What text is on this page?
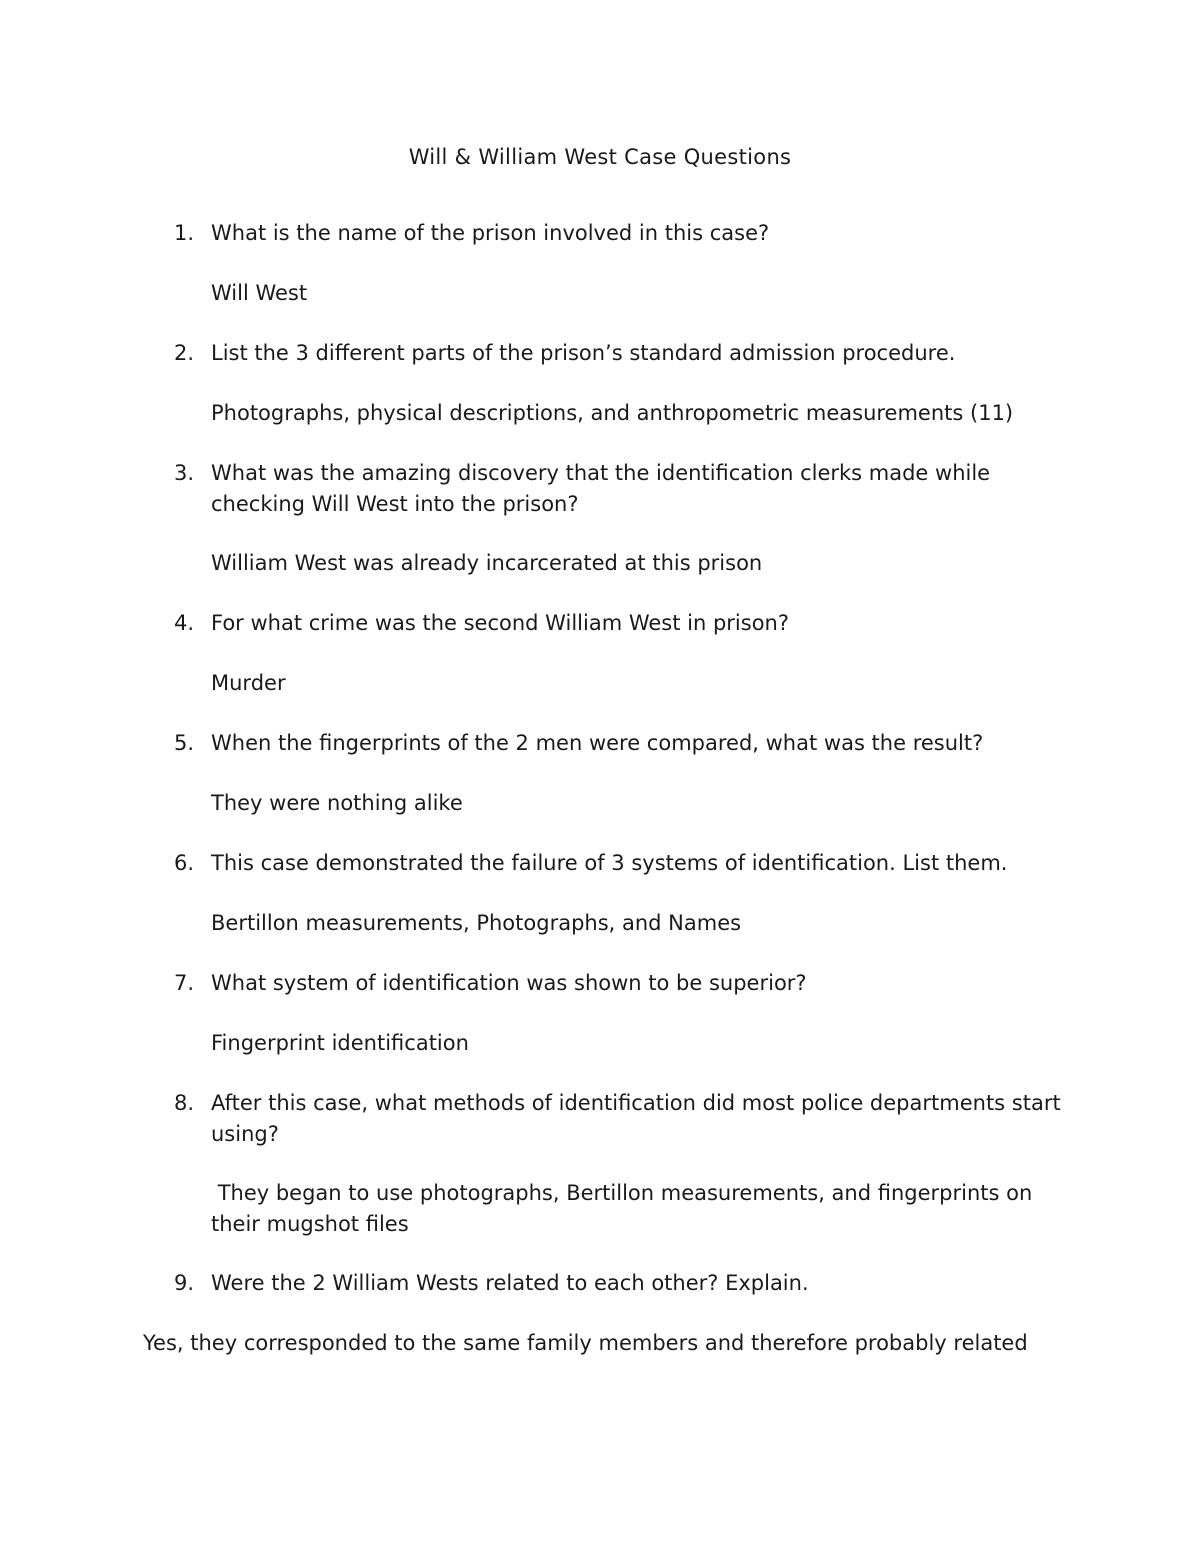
Will & William West Case Questions
1. What is the name of the prison involved in this case?
Will West
2. List the 3 different parts of the prison’s standard admission procedure.
Photographs, physical descriptions, and anthropometric measurements (11)
3. What was the amazing discovery that the identification clerks made while checking Will West into the prison?
William West was already incarcerated at this prison
4. For what crime was the second William West in prison?
Murder
5. When the fingerprints of the 2 men were compared, what was the result?
They were nothing alike
6. This case demonstrated the failure of 3 systems of identification. List them.
Bertillon measurements, Photographs, and Names
7. What system of identification was shown to be superior?
Fingerprint identification
8. After this case, what methods of identification did most police departments start using?
They began to use photographs, Bertillon measurements, and fingerprints on their mugshot files
9. Were the 2 William Wests related to each other? Explain.
Yes, they corresponded to the same family members and therefore probably related
